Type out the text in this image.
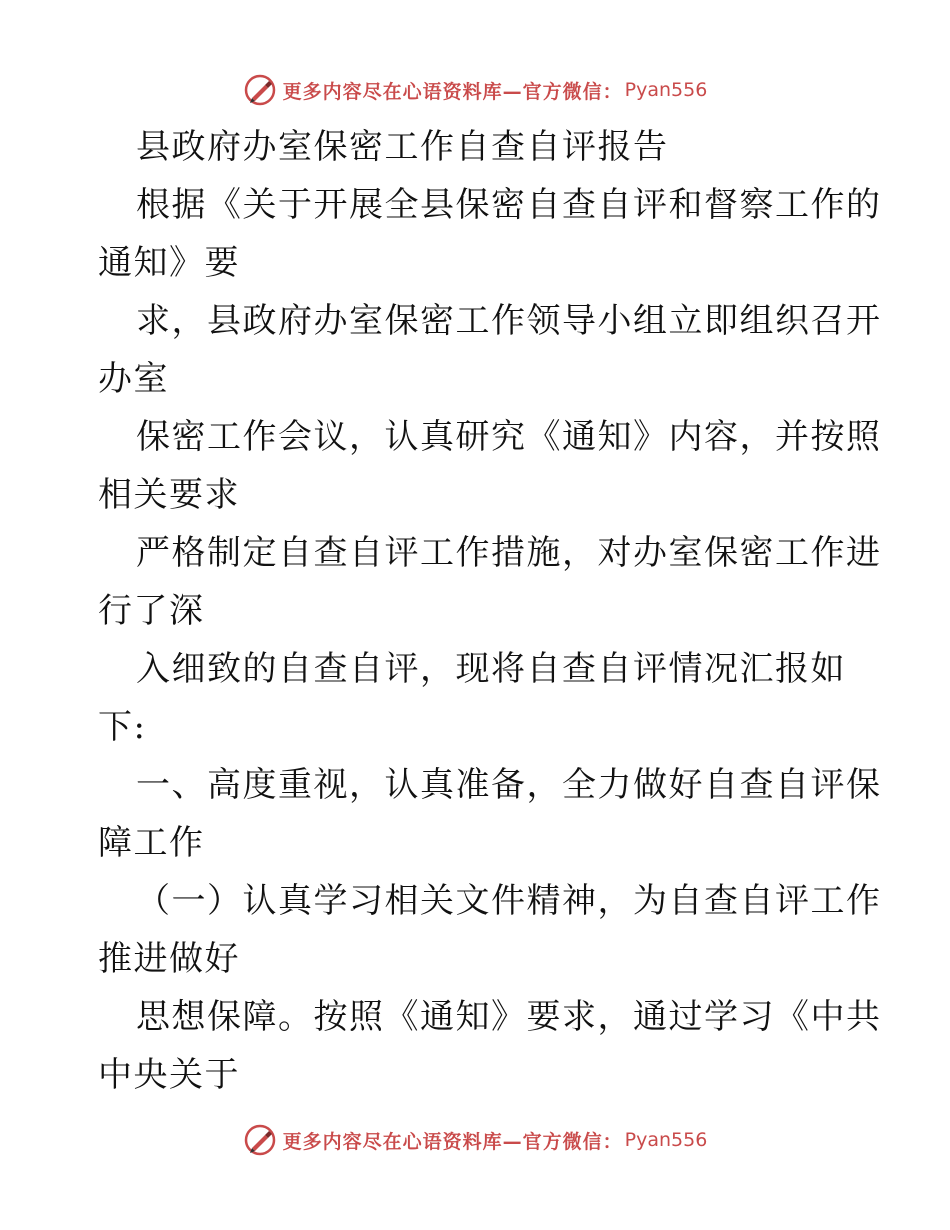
更多内容尽在心语资料库—官方微信： Pyan556
县政府办室保密工作自查自评报告
根据《关于开展全县保密自查自评和督察工作的
通知》要
求，县政府办室保密工作领导小组立即组织召开
办室
保密工作会议，认真研究《通知》内容，并按照
相关要求
严格制定自查自评工作措施，对办室保密工作进
行了深
入细致的自查自评，现将自查自评情况汇报如
下:
一、高度重视，认真准备，全力做好自查自评保
障工作
（一）认真学习相关文件精神，为自查自评工作
推进做好
思想保障。按照《通知》要求，通过学习《中共
中央关于
更多内容尽在心语资料库—官方微信： Pyan556
